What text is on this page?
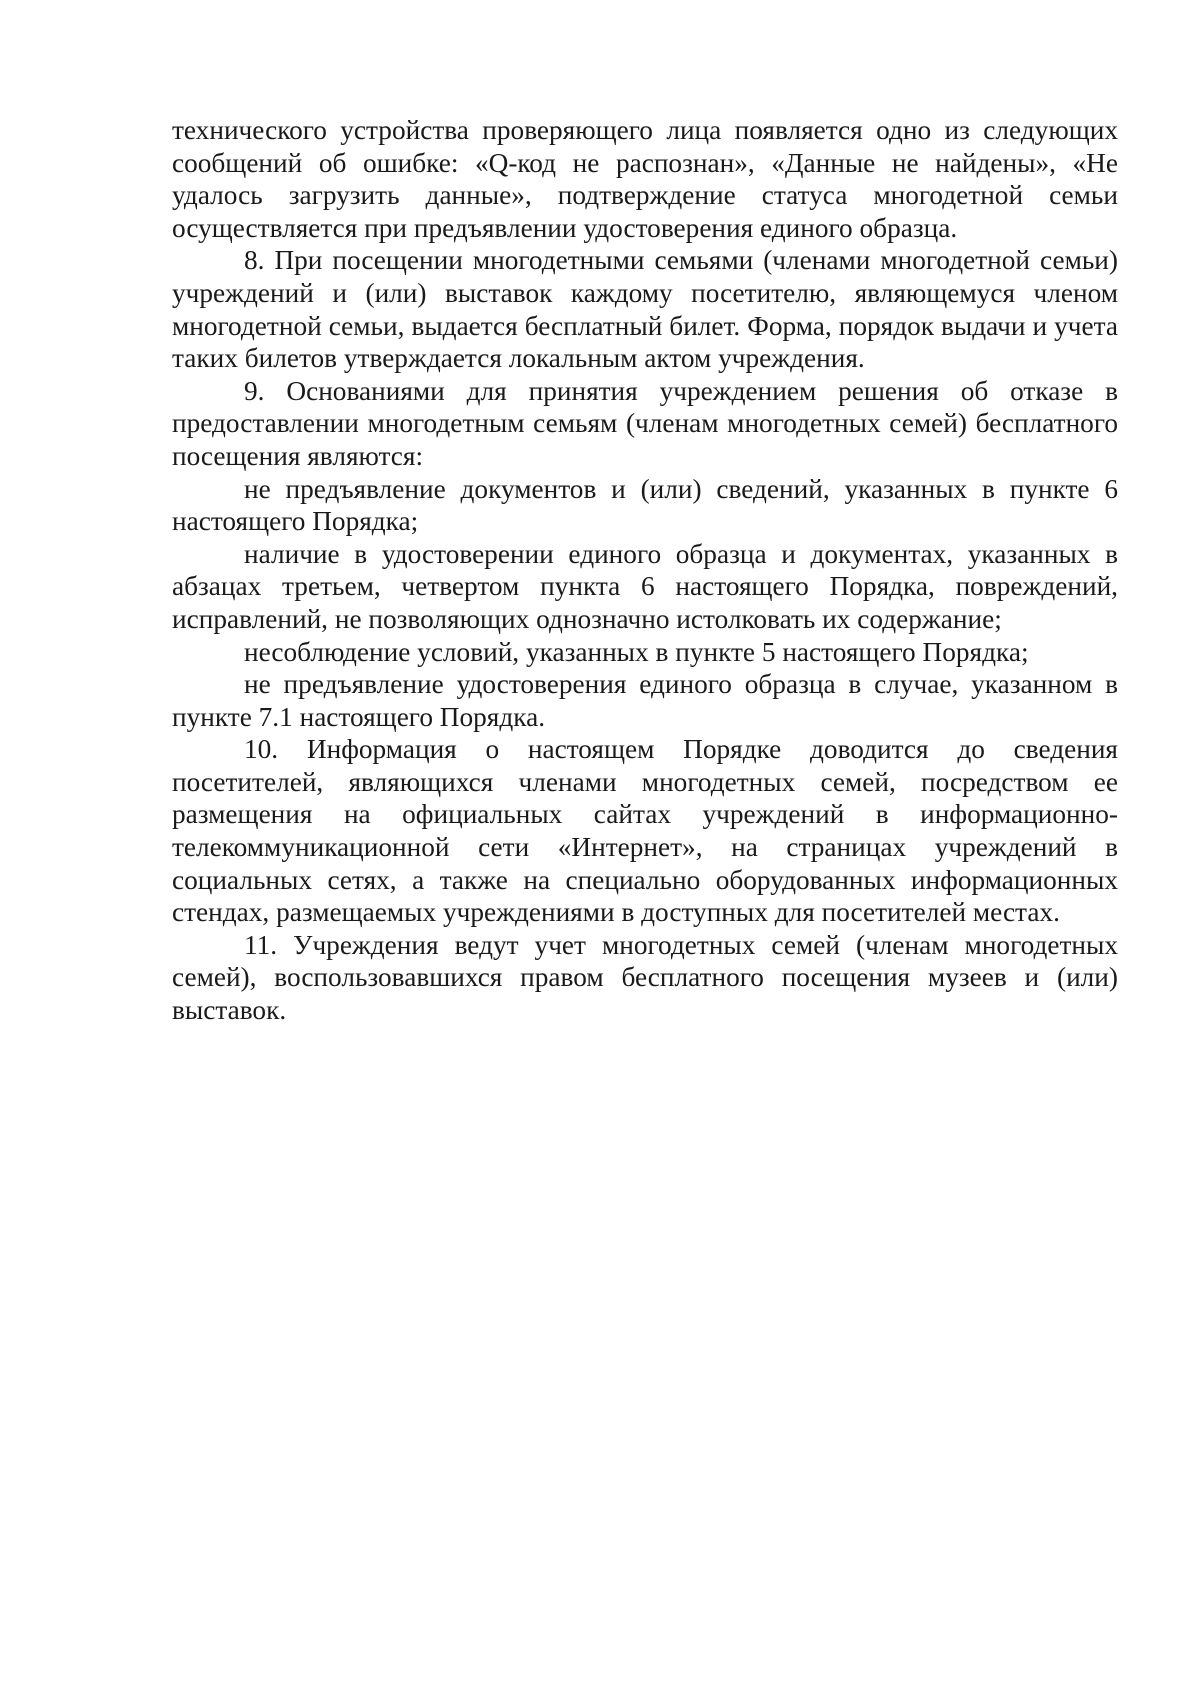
технического устройства проверяющего лица появляется одно из следующих сообщений об ошибке: «Q-код не распознан», «Данные не найдены», «Не удалось загрузить данные», подтверждение статуса многодетной семьи осуществляется при предъявлении удостоверения единого образца.

8. При посещении многодетными семьями (членами многодетной семьи) учреждений и (или) выставок каждому посетителю, являющемуся членом многодетной семьи, выдается бесплатный билет. Форма, порядок выдачи и учета таких билетов утверждается локальным актом учреждения.

9. Основаниями для принятия учреждением решения об отказе в предоставлении многодетным семьям (членам многодетных семей) бесплатного посещения являются:

не предъявление документов и (или) сведений, указанных в пункте 6 настоящего Порядка;

наличие в удостоверении единого образца и документах, указанных в абзацах третьем, четвертом пункта 6 настоящего Порядка, повреждений, исправлений, не позволяющих однозначно истолковать их содержание;

несоблюдение условий, указанных в пункте 5 настоящего Порядка;

не предъявление удостоверения единого образца в случае, указанном в пункте 7.1 настоящего Порядка.

10. Информация о настоящем Порядке доводится до сведения посетителей, являющихся членами многодетных семей, посредством ее размещения на официальных сайтах учреждений в информационно-телекоммуникационной сети «Интернет», на страницах учреждений в социальных сетях, а также на специально оборудованных информационных стендах, размещаемых учреждениями в доступных для посетителей местах.

11. Учреждения ведут учет многодетных семей (членам многодетных семей), воспользовавшихся правом бесплатного посещения музеев и (или) выставок.
